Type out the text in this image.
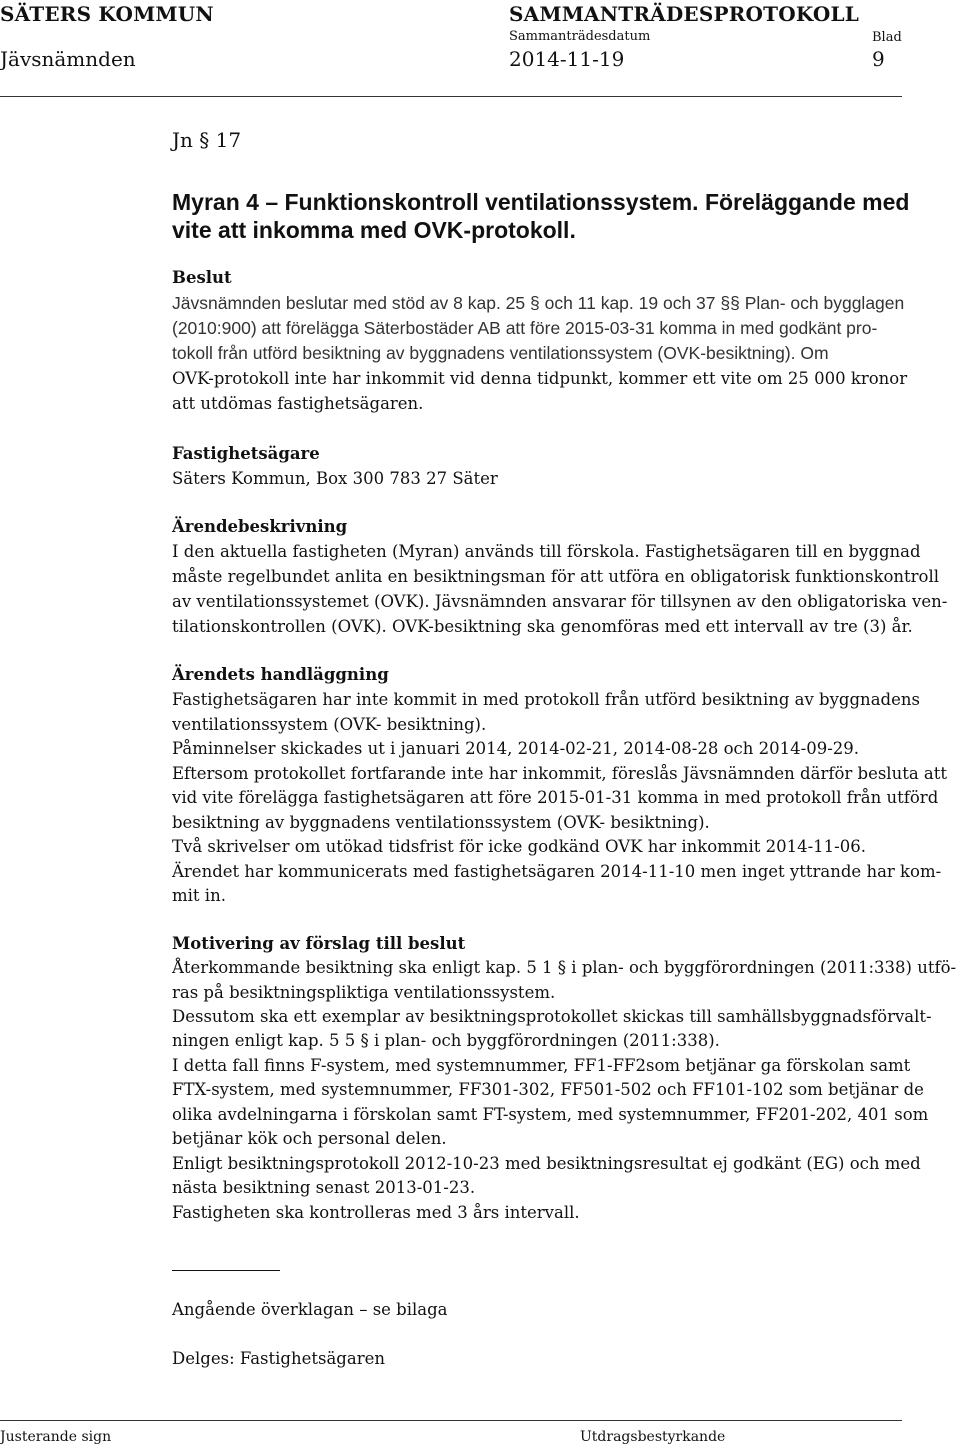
SÄTERS KOMMUN	SAMMANTRÄDESPROTOKOLL
Sammanträdesdatum	Blad
Jävsnämnden	2014-11-19	9
Jn § 17
Myran 4 – Funktionskontroll ventilationssystem. Föreläggande med
vite att inkomma med OVK-protokoll.
Beslut
Jävsnämnden beslutar med stöd av 8 kap. 25 § och 11 kap. 19 och 37 §§ Plan- och bygglagen
(2010:900) att förelägga Säterbostäder AB att före 2015-03-31 komma in med godkänt pro-
tokoll från utförd besiktning av byggnadens ventilationssystem (OVK-besiktning). Om
OVK-protokoll inte har inkommit vid denna tidpunkt, kommer ett vite om 25 000 kronor
att utdömas fastighetsägaren.
Fastighetsägare
Säters Kommun, Box 300 783 27 Säter
Ärendebeskrivning
I den aktuella fastigheten (Myran) används till förskola. Fastighetsägaren till en byggnad
måste regelbundet anlita en besiktningsman för att utföra en obligatorisk funktionskontroll
av ventilationssystemet (OVK). Jävsnämnden ansvarar för tillsynen av den obligatoriska ven-
tilationskontrollen (OVK). OVK-besiktning ska genomföras med ett intervall av tre (3) år.
Ärendets handläggning
Fastighetsägaren har inte kommit in med protokoll från utförd besiktning av byggnadens
ventilationssystem (OVK- besiktning).
Påminnelser skickades ut i januari 2014, 2014-02-21, 2014-08-28 och 2014-09-29.
Eftersom protokollet fortfarande inte har inkommit, föreslås Jävsnämnden därför besluta att
vid vite förelägga fastighetsägaren att före 2015-01-31 komma in med protokoll från utförd
besiktning av byggnadens ventilationssystem (OVK- besiktning).
Två skrivelser om utökad tidsfrist för icke godkänd OVK har inkommit 2014-11-06.
Ärendet har kommunicerats med fastighetsägaren 2014-11-10 men inget yttrande har kom-
mit in.
Motivering av förslag till beslut
Återkommande besiktning ska enligt kap. 5 1 § i plan- och byggförordningen (2011:338) utfö-
ras på besiktningspliktiga ventilationssystem.
Dessutom ska ett exemplar av besiktningsprotokollet skickas till samhällsbyggnadsförvalt-
ningen enligt kap. 5 5 § i plan- och byggförordningen (2011:338).
I detta fall finns F-system, med systemnummer, FF1-FF2som betjänar ga förskolan samt
FTX-system, med systemnummer, FF301-302, FF501-502 och FF101-102 som betjänar de
olika avdelningarna i förskolan samt FT-system, med systemnummer, FF201-202, 401 som
betjänar kök och personal delen.
Enligt besiktningsprotokoll 2012-10-23 med besiktningsresultat ej godkänt (EG) och med
nästa besiktning senast 2013-01-23.
Fastigheten ska kontrolleras med 3 års intervall.
Angående överklagan – se bilaga
Delges: Fastighetsägaren
Justerande sign	Utdragsbestyrkande
